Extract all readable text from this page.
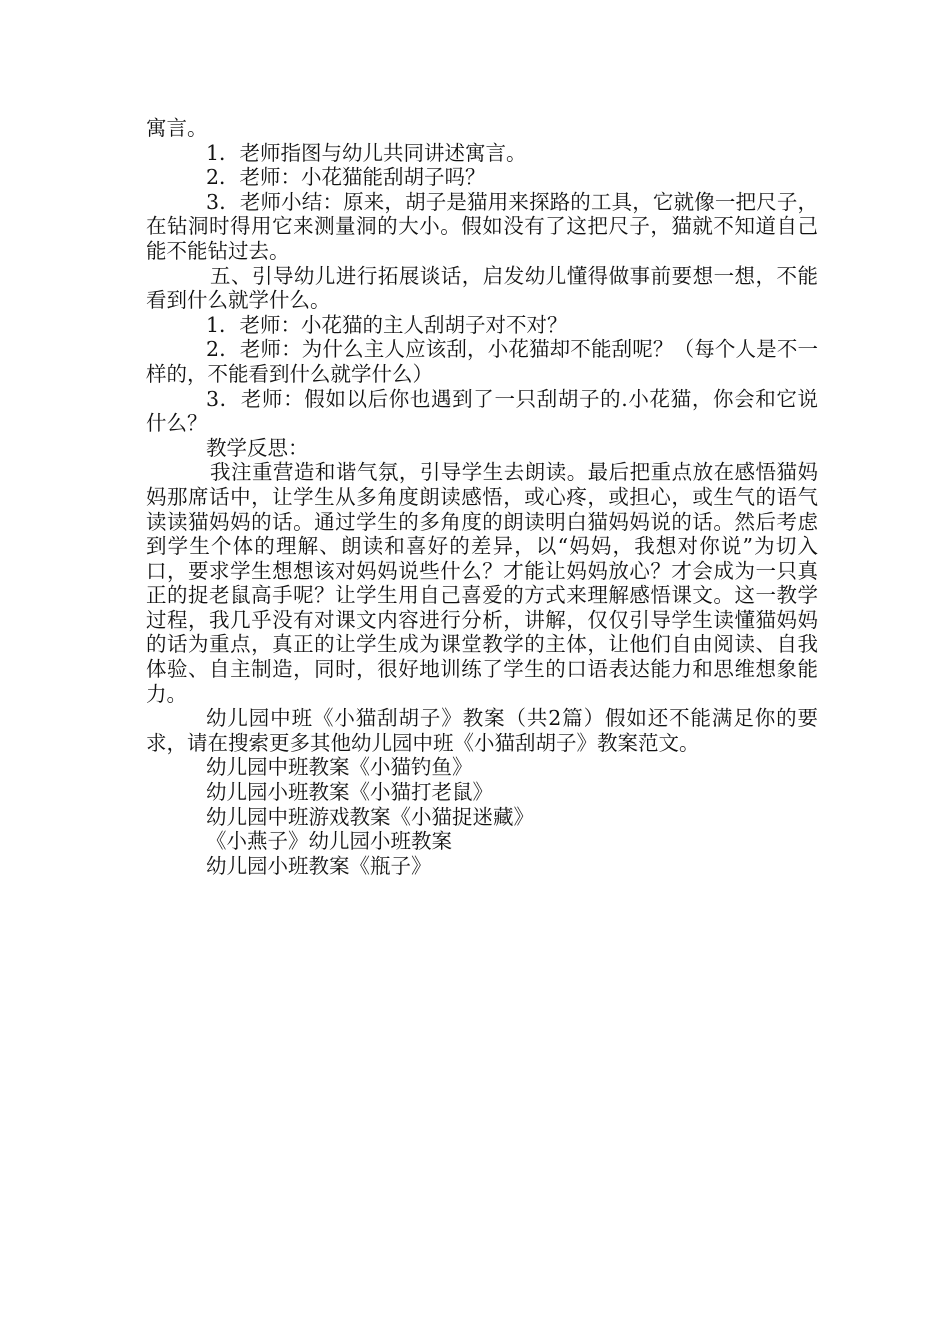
寓言。

1．老师指图与幼儿共同讲述寓言。

2．老师：小花猫能刮胡子吗？

3．老师小结：原来，胡子是猫用来探路的工具，它就像一把尺子，在钻洞时得用它来测量洞的大小。假如没有了这把尺子，猫就不知道自己能不能钻过去。

五、引导幼儿进行拓展谈话，启发幼儿懂得做事前要想一想，不能看到什么就学什么。

1．老师：小花猫的主人刮胡子对不对？

2．老师：为什么主人应该刮，小花猫却不能刮呢？（每个人是不一样的，不能看到什么就学什么）

3．老师：假如以后你也遇到了一只刮胡子的.小花猫，你会和它说什么？

教学反思：

我注重营造和谐气氛，引导学生去朗读。最后把重点放在感悟猫妈妈那席话中，让学生从多角度朗读感悟，或心疼，或担心，或生气的语气读读猫妈妈的话。通过学生的多角度的朗读明白猫妈妈说的话。然后考虑到学生个体的理解、朗读和喜好的差异，以“妈妈，我想对你说”为切入口，要求学生想想该对妈妈说些什么？才能让妈妈放心？才会成为一只真正的捉老鼠高手呢？让学生用自己喜爱的方式来理解感悟课文。这一教学过程，我几乎没有对课文内容进行分析，讲解，仅仅引导学生读懂猫妈妈的话为重点，真正的让学生成为课堂教学的主体，让他们自由阅读、自我体验、自主制造，同时，很好地训练了学生的口语表达能力和思维想象能力。

幼儿园中班《小猫刮胡子》教案（共2篇）假如还不能满足你的要求，请在搜索更多其他幼儿园中班《小猫刮胡子》教案范文。

幼儿园中班教案《小猫钓鱼》

幼儿园小班教案《小猫打老鼠》

幼儿园中班游戏教案《小猫捉迷藏》

《小燕子》幼儿园小班教案

幼儿园小班教案《瓶子》
